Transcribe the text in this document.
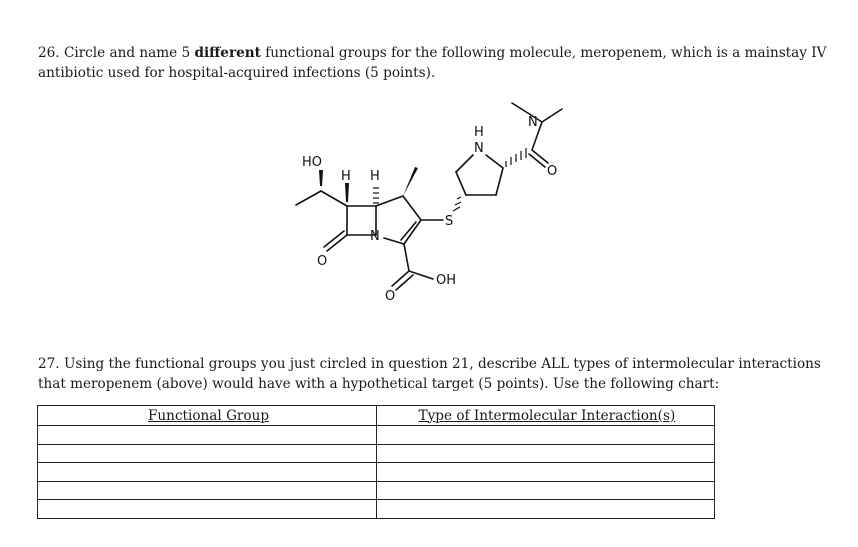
26. Circle and name 5 different functional groups for the following molecule, meropenem, which is a mainstay IV antibiotic used for hospital-acquired infections (5 points).
HO
H H
N
S
OH
H
N
N
O
O
O
27. Using the functional groups you just circled in question 21, describe ALL types of intermolecular interactions that meropenem (above) would have with a hypothetical target (5 points). Use the following chart:
Functional Group	Type of Intermolecular Interaction(s)
